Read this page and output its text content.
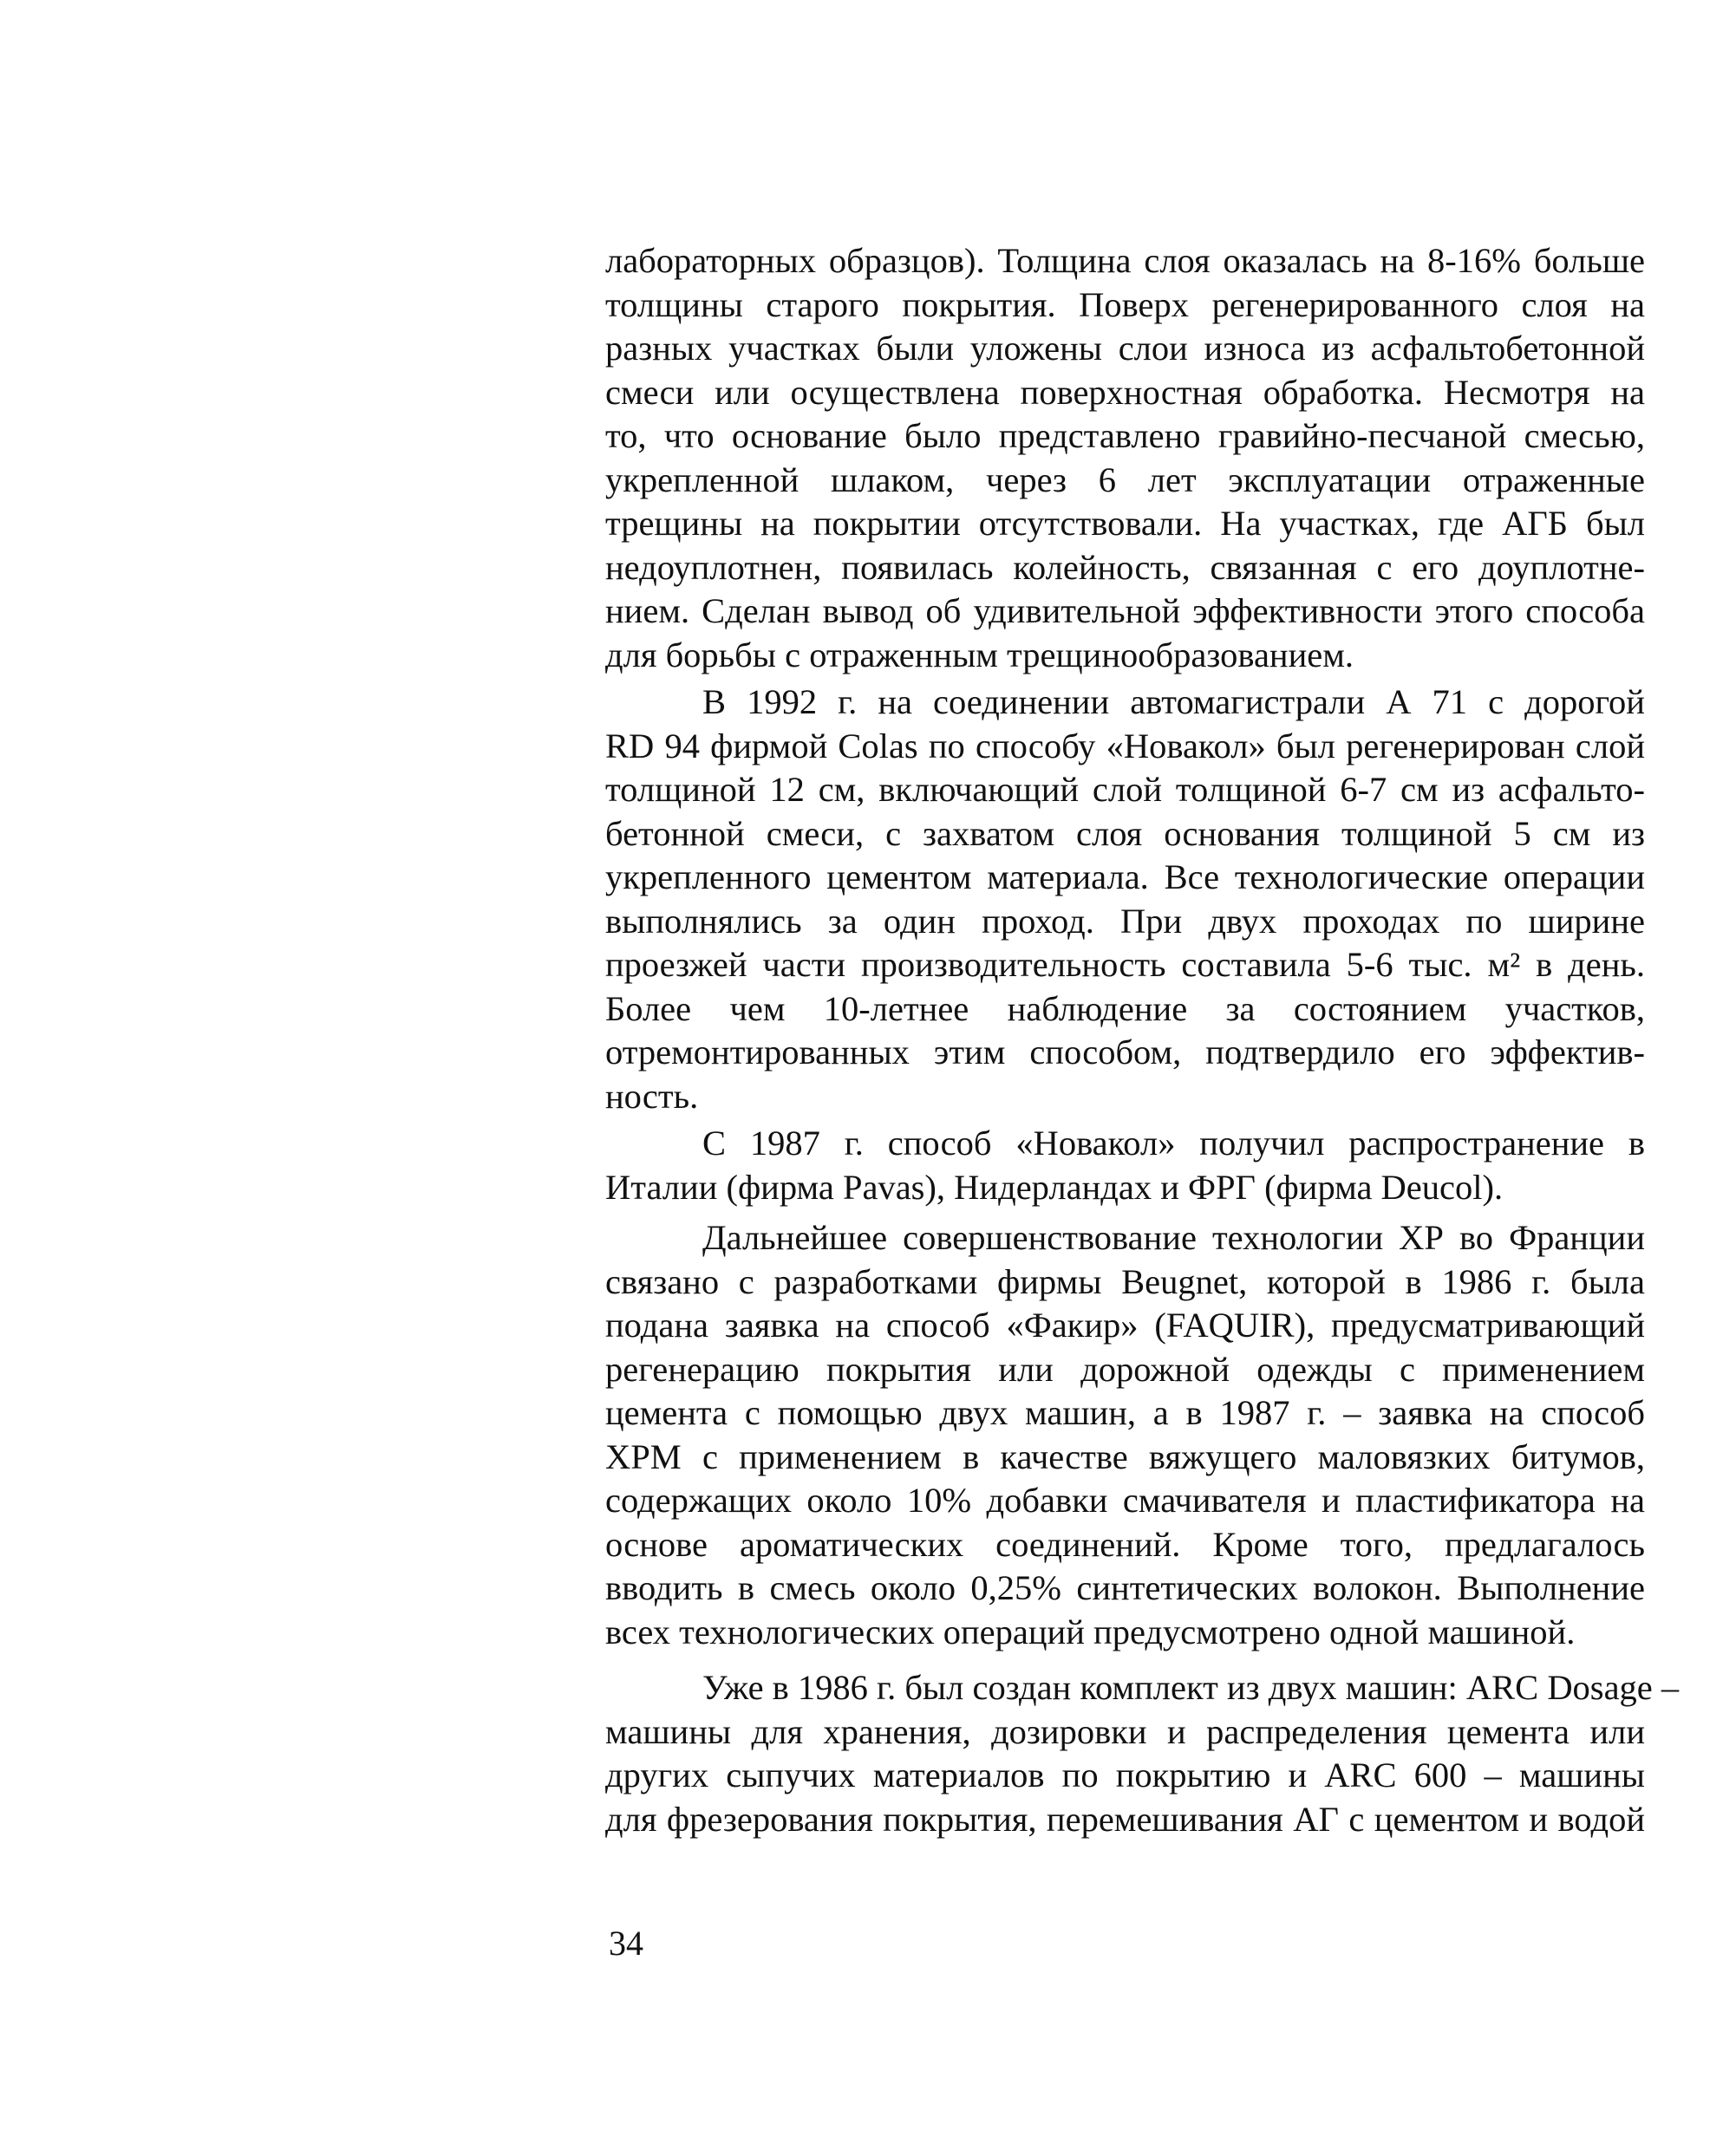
лабораторных образцов). Толщина слоя оказалась на 8-16% больше
толщины старого покрытия. Поверх регенерированного слоя на
разных участках были уложены слои износа из асфальтобетонной
смеси или осуществлена поверхностная обработка. Несмотря на
то, что основание было представлено гравийно-песчаной смесью,
укрепленной шлаком, через 6 лет эксплуатации отраженные
трещины на покрытии отсутствовали. На участках, где АГБ был
недоуплотнен, появилась колейность, связанная с его доуплотне-
нием. Сделан вывод об удивительной эффективности этого способа
для борьбы с отраженным трещинообразованием.
В 1992 г. на соединении автомагистрали А 71 с дорогой
RD 94 фирмой Colas по способу «Новакол» был регенерирован слой
толщиной 12 см, включающий слой толщиной 6-7 см из асфальто-
бетонной смеси, с захватом слоя основания толщиной 5 см из
укрепленного цементом материала. Все технологические операции
выполнялись за один проход. При двух проходах по ширине
проезжей части производительность составила 5-6 тыс. м² в день.
Более чем 10-летнее наблюдение за состоянием участков,
отремонтированных этим способом, подтвердило его эффектив-
ность.
С 1987 г. способ «Новакол» получил распространение в
Италии (фирма Pavas), Нидерландах и ФРГ (фирма Deucol).
Дальнейшее совершенствование технологии ХР во Франции
связано с разработками фирмы Beugnet, которой в 1986 г. была
подана заявка на способ «Факир» (FAQUIR), предусматривающий
регенерацию покрытия или дорожной одежды с применением
цемента с помощью двух машин, а в 1987 г. – заявка на способ
ХРМ с применением в качестве вяжущего маловязких битумов,
содержащих около 10% добавки смачивателя и пластификатора на
основе ароматических соединений. Кроме того, предлагалось
вводить в смесь около 0,25% синтетических волокон. Выполнение
всех технологических операций предусмотрено одной машиной.
Уже в 1986 г. был создан комплект из двух машин: ARC Dosage –
машины для хранения, дозировки и распределения цемента или
других сыпучих материалов по покрытию и ARC 600 – машины
для фрезерования покрытия, перемешивания АГ с цементом и водой
34
